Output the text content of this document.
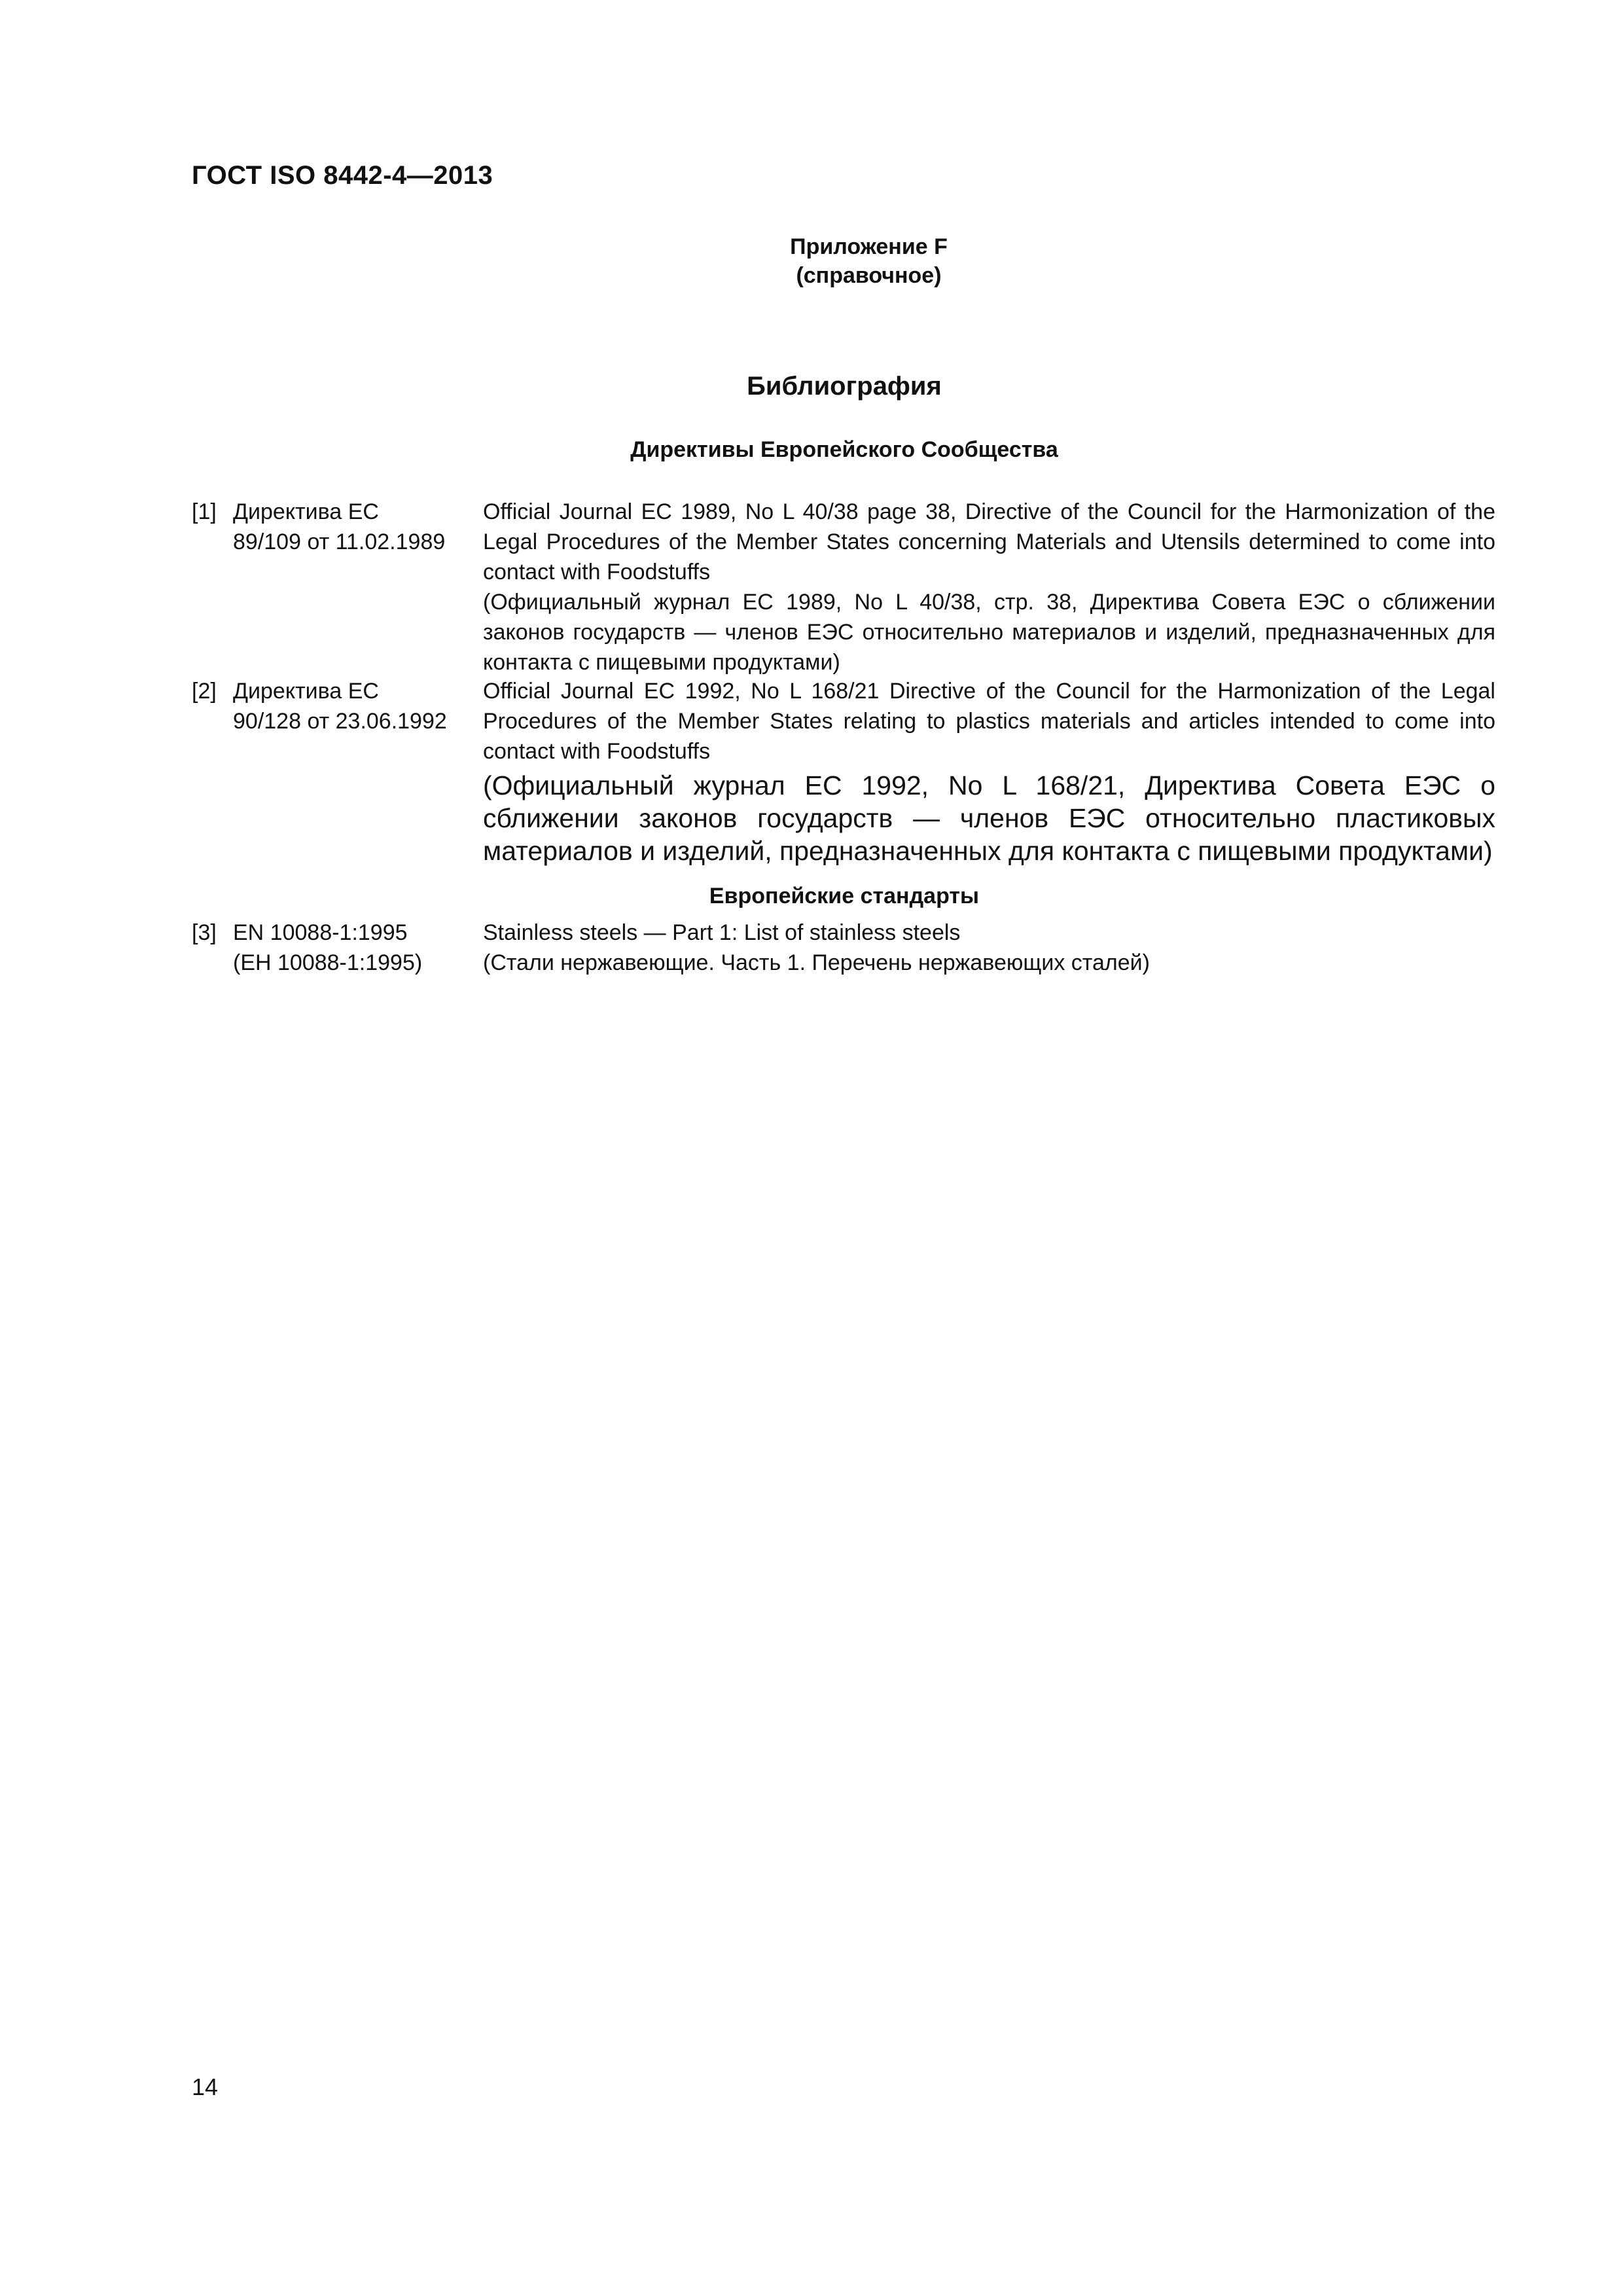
ГОСТ ISO 8442-4—2013
Приложение F
(справочное)
Библиография
Директивы Европейского Сообщества
[1] Директива ЕС
89/109 от 11.02.1989

Official Journal EC 1989, No L 40/38 page 38, Directive of the Council for the Harmonization of the Legal Procedures of the Member States concerning Materials and Utensils determined to come into contact with Foodstuffs

(Официальный журнал ЕС 1989, No L 40/38, стр. 38, Директива Совета ЕЭС о сближении законов государств — членов ЕЭС относительно материалов и изделий, предназначенных для контакта с пищевыми продуктами)

[2] Директива ЕС
90/128 от 23.06.1992

Official Journal EC 1992, No L 168/21 Directive of the Council for the Harmonization of the Legal Procedures of the Member States relating to plastics materials and articles intended to come into contact with Foodstuffs

(Официальный журнал ЕС 1992, No L 168/21, Директива Совета ЕЭС о сближении законов государств — членов ЕЭС относительно пластиковых материалов и изделий, предназначенных для контакта с пищевыми продуктами)

Европейские стандарты
[3] EN 10088-1:1995
(ЕН 10088-1:1995)

Stainless steels — Part 1: List of stainless steels

(Стали нержавеющие. Часть 1. Перечень нержавеющих сталей)

14
